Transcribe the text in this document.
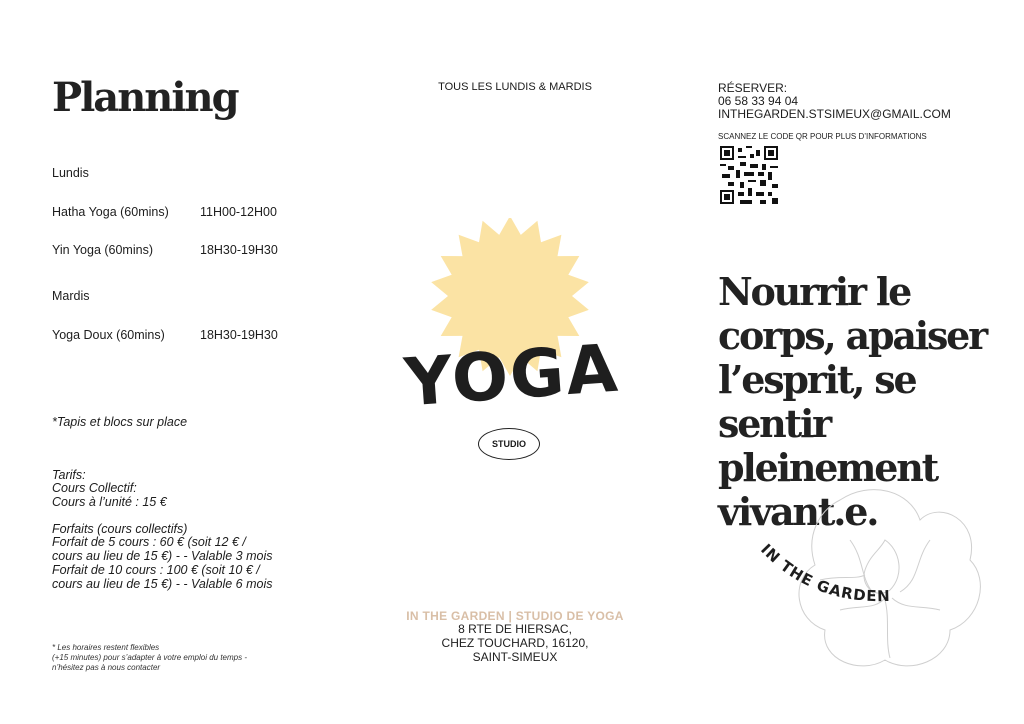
Planning
Lundis
Hatha Yoga (60mins)	11H00-12H00
Yin Yoga (60mins)	18H30-19H30
Mardis
Yoga Doux (60mins)	18H30-19H30
*Tapis et blocs sur place
Tarifs:
Cours Collectif:
Cours à l’unité : 15 €
Forfaits (cours collectifs)
Forfait de 5 cours : 60 € (soit 12 € /
cours au lieu de 15 €) - - Valable 3 mois
Forfait de 10 cours : 100 € (soit 10 € /
cours au lieu de 15 €) - - Valable 6 mois
* Les horaires restent flexibles
(+15 minutes) pour s’adapter à votre emploi du temps -
n’hésitez pas à nous contacter
TOUS LES LUNDIS & MARDIS
YOGA
STUDIO
IN THE GARDEN | STUDIO DE YOGA
8 RTE DE HIERSAC,
CHEZ TOUCHARD, 16120,
SAINT-SIMEUX
RÉSERVER:
06 58 33 94 04
INTHEGARDEN.STSIMEUX@GMAIL.COM
SCANNEZ LE CODE QR POUR PLUS D’INFORMATIONS
Nourrir le
corps, apaiser
l’esprit, se sentir
pleinement
vivant.e.
IN THE GARDEN
